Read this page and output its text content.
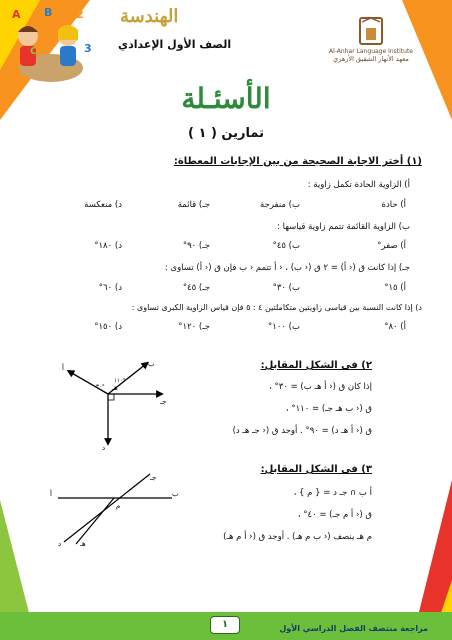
A B
C
2
3
الهندسة
الصف الأول الإعدادي
Al-Anhar Language Institute
معهد الأنهار الشقيق الأزهري
الأسئـلة
تمارين ( ١ )
(١) أختر الاجابة الصحيحة من بين الإجابات المعطاة:
أ) الزاوية الحادة تكمل زاوية :
أ) حادة
ب) منفرجة
جـ) قائمة
د) منعكسة
ب) الزاوية القائمة تتمم زاوية قياسها :
أ) صفر°
ب) ٤٥°
جـ) ٩٠°
د) ١٨٠°
جـ) إذا كانت ق (‹ أ) = ٢ ق (‹ ب) ، ‹ أ تتمم ‹ ب فإن ق (‹ أ) تساوى :
أ) ١٥°
ب) ٣٠°
جـ) ٤٥°
د) ٦٠°
د) إذا كانت النسبة بين قياسى زاويتين متكاملتين ٤ : ٥ فإن قياس الزاوية الكبرى تساوى :
أ) ٨٠°
ب) ١٠٠°
جـ) ١٢٠°
د) ١٥٠°
٢) فى الشكل المقابل:
إذا كان ق (‹ أ هـ ب) = ٣٠° ،
ق (‹ ب هـ جـ) = ١١٠° ،
ق (‹ أ هـ د) = ٩٠° . أوجد ق (‹ جـ هـ د)
أ	ب
جـ
د
هـ
١١٠°
٣٠°
٣) فى الشكل المقابل:
أ ب ∩ جـ د = { م } ،
ق (‹ أ م جـ) = ٤٠° ،
م هـ ينصف (‹ ب م هـ) . أوجد ق (‹ أ م هـ)
أ	ب
جـ
د
م
هـ
مراجعة منتصف الفصل الدراسي الأول
١
